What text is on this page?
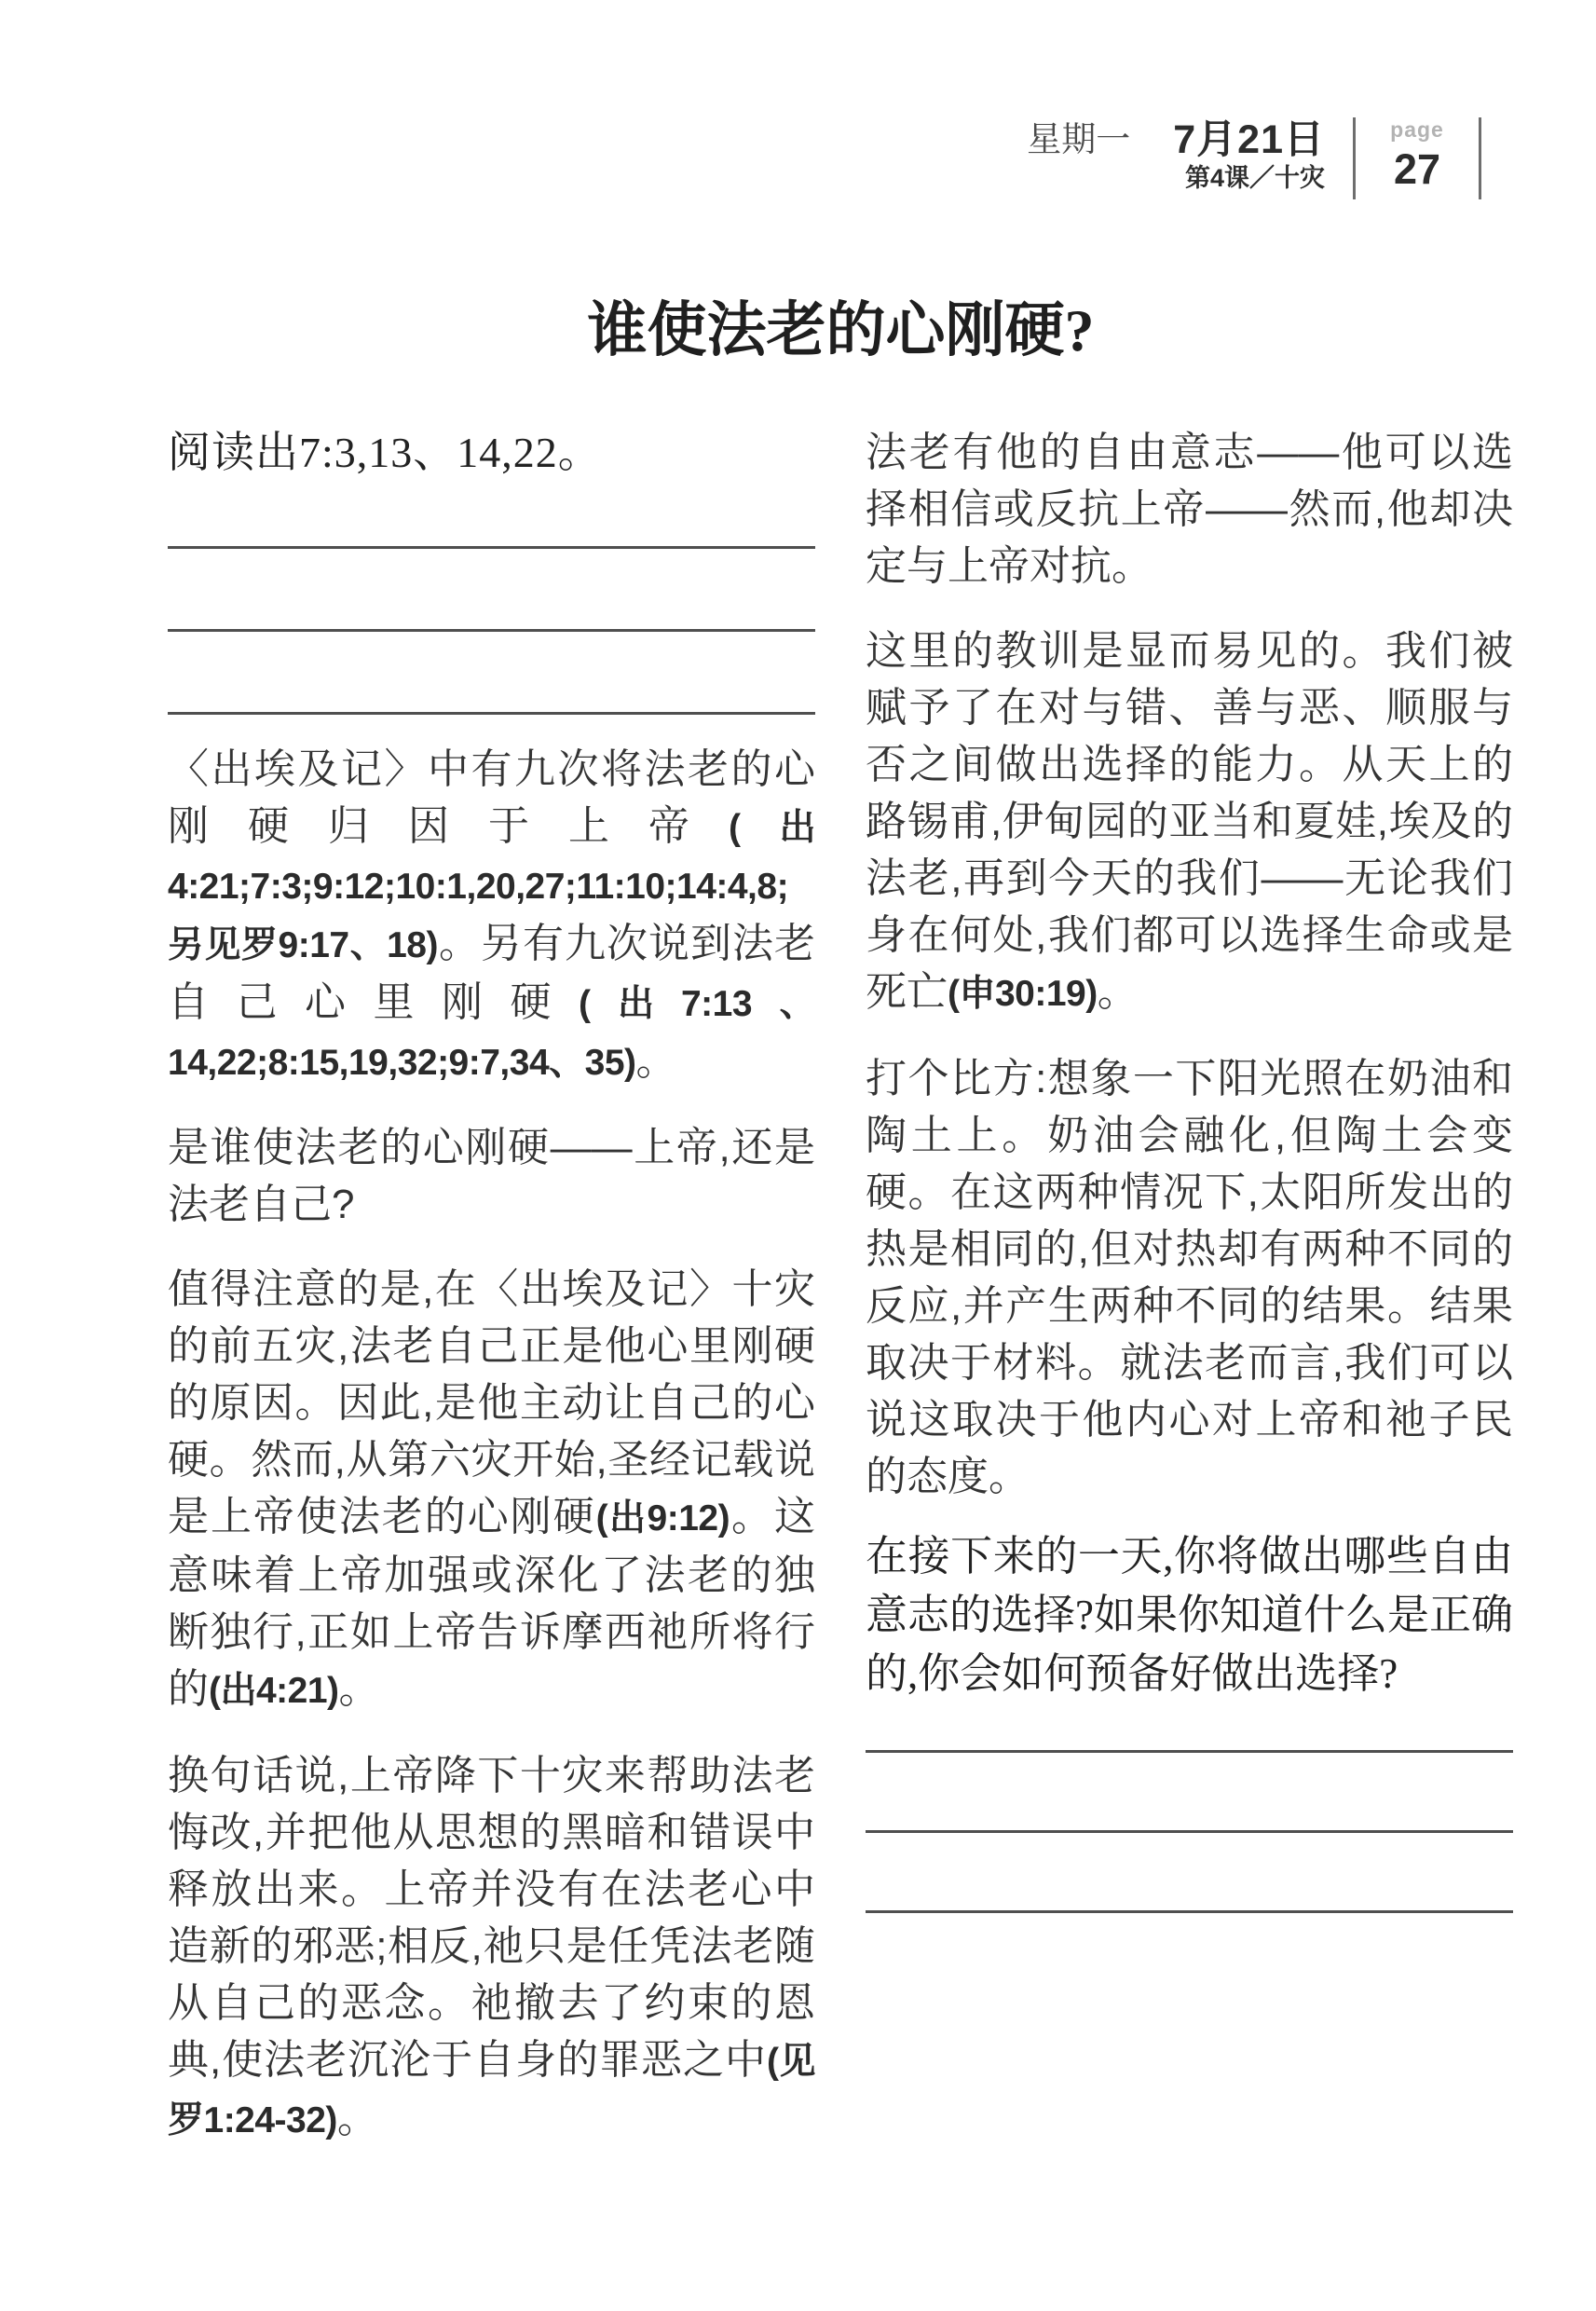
星期一 7月21日
第4课／十灾
page
27
谁使法老的心刚硬?
阅读出7:3,13、14,22。
〈出埃及记〉中有九次将法老的心刚硬归因于上帝(出4:21;7:3;9:12;10:1,20,27;11:10;14:4,8;另见罗9:17、18)。另有九次说到法老自己心里刚硬(出7:13、14,22;8:15,19,32;9:7,34、35)。
是谁使法老的心刚硬——上帝,还是法老自己?
值得注意的是,在〈出埃及记〉十灾的前五灾,法老自己正是他心里刚硬的原因。因此,是他主动让自己的心硬。然而,从第六灾开始,圣经记载说是上帝使法老的心刚硬(出9:12)。这意味着上帝加强或深化了法老的独断独行,正如上帝告诉摩西祂所将行的(出4:21)。
换句话说,上帝降下十灾来帮助法老悔改,并把他从思想的黑暗和错误中释放出来。上帝并没有在法老心中造新的邪恶;相反,祂只是任凭法老随从自己的恶念。祂撤去了约束的恩典,使法老沉沦于自身的罪恶之中(见罗1:24-32)。
法老有他的自由意志——他可以选择相信或反抗上帝——然而,他却决定与上帝对抗。
这里的教训是显而易见的。我们被赋予了在对与错、善与恶、顺服与否之间做出选择的能力。从天上的路锡甫,伊甸园的亚当和夏娃,埃及的法老,再到今天的我们——无论我们身在何处,我们都可以选择生命或是死亡(申30:19)。
打个比方:想象一下阳光照在奶油和陶土上。奶油会融化,但陶土会变硬。在这两种情况下,太阳所发出的热是相同的,但对热却有两种不同的反应,并产生两种不同的结果。结果取决于材料。就法老而言,我们可以说这取决于他内心对上帝和祂子民的态度。
在接下来的一天,你将做出哪些自由意志的选择?如果你知道什么是正确的,你会如何预备好做出选择?
